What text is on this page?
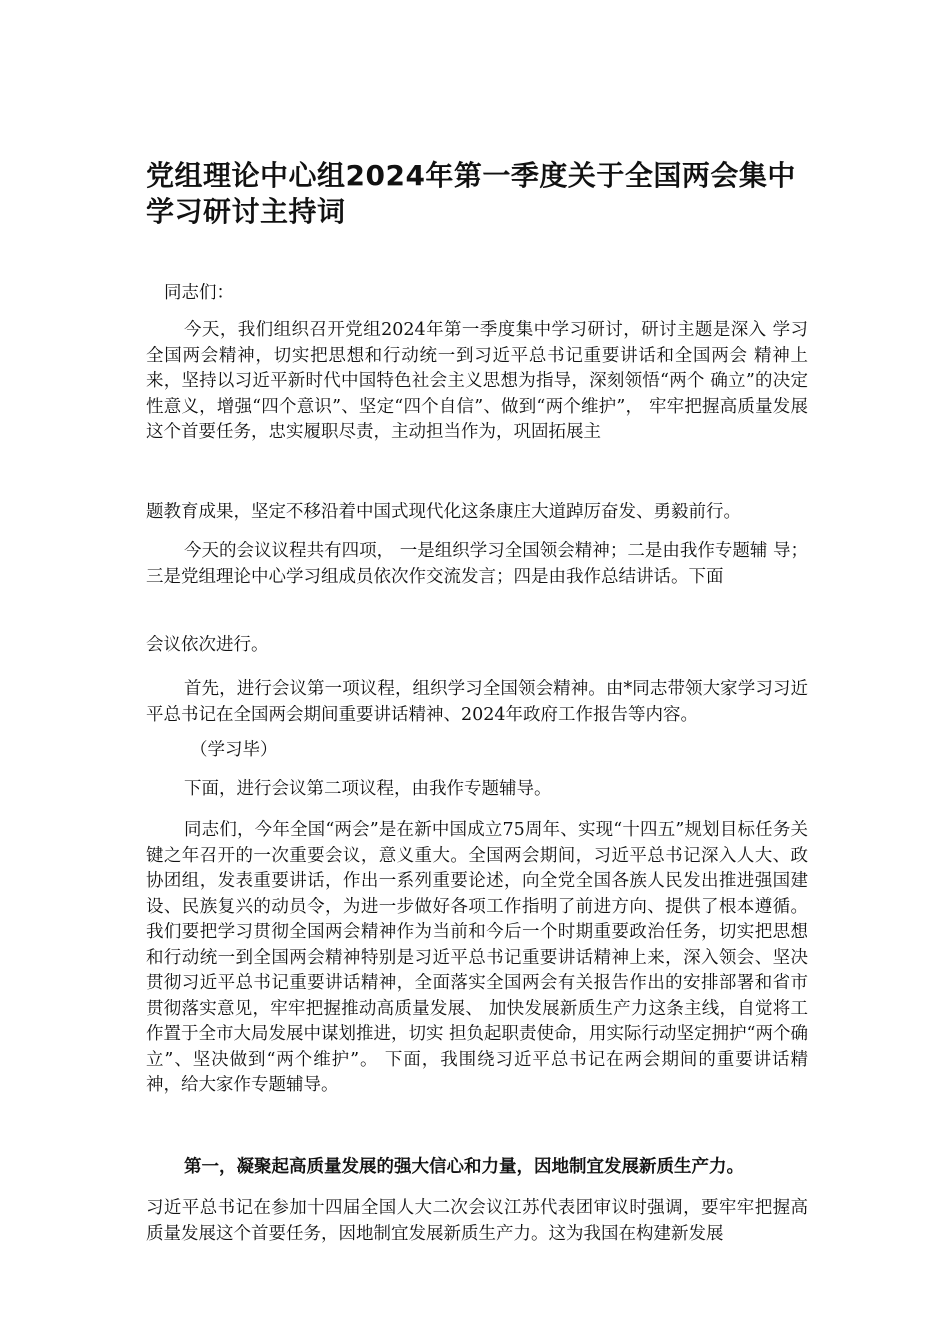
党组理论中心组2024年第一季度关于全国两会集中 学习研讨主持词

同志们：

今天，我们组织召开党组2024年第一季度集中学习研讨，研讨主题是深入 学习全国两会精神，切实把思想和行动统一到习近平总书记重要讲话和全国两会 精神上来，坚持以习近平新时代中国特色社会主义思想为指导，深刻领悟“两个 确立”的决定性意义，增强“四个意识”、坚定“四个自信”、做到“两个维护”， 牢牢把握高质量发展这个首要任务，忠实履职尽责，主动担当作为，巩固拓展主

题教育成果，坚定不移沿着中国式现代化这条康庄大道踔厉奋发、勇毅前行。

今天的会议议程共有四项， 一是组织学习全国领会精神；二是由我作专题辅 导；三是党组理论中心学习组成员依次作交流发言；四是由我作总结讲话。下面

会议依次进行。

首先，进行会议第一项议程，组织学习全国领会精神。由*同志带领大家学习习近平总书记在全国两会期间重要讲话精神、2024年政府工作报告等内容。

（学习毕）

下面，进行会议第二项议程，由我作专题辅导。

同志们，今年全国“两会”是在新中国成立75周年、实现“十四五”规划目标任务关键之年召开的一次重要会议，意义重大。全国两会期间，习近平总书记深入人大、政协团组，发表重要讲话，作出一系列重要论述，向全党全国各族人民发出推进强国建设、民族复兴的动员令，为进一步做好各项工作指明了前进方向、提供了根本遵循。我们要把学习贯彻全国两会精神作为当前和今后一个时期重要政治任务，切实把思想和行动统一到全国两会精神特别是习近平总书记重要讲话精神上来，深入领会、坚决贯彻习近平总书记重要讲话精神，全面落实全国两会有关报告作出的安排部署和省市贯彻落实意见，牢牢把握推动高质量发展、 加快发展新质生产力这条主线，自觉将工作置于全市大局发展中谋划推进，切实 担负起职责使命，用实际行动坚定拥护“两个确立”、坚决做到“两个维护”。 下面，我围绕习近平总书记在两会期间的重要讲话精神，给大家作专题辅导。

第一，凝聚起高质量发展的强大信心和力量，因地制宜发展新质生产力。

习近平总书记在参加十四届全国人大二次会议江苏代表团审议时强调，要牢牢把握高质量发展这个首要任务，因地制宜发展新质生产力。这为我国在构建新发展
